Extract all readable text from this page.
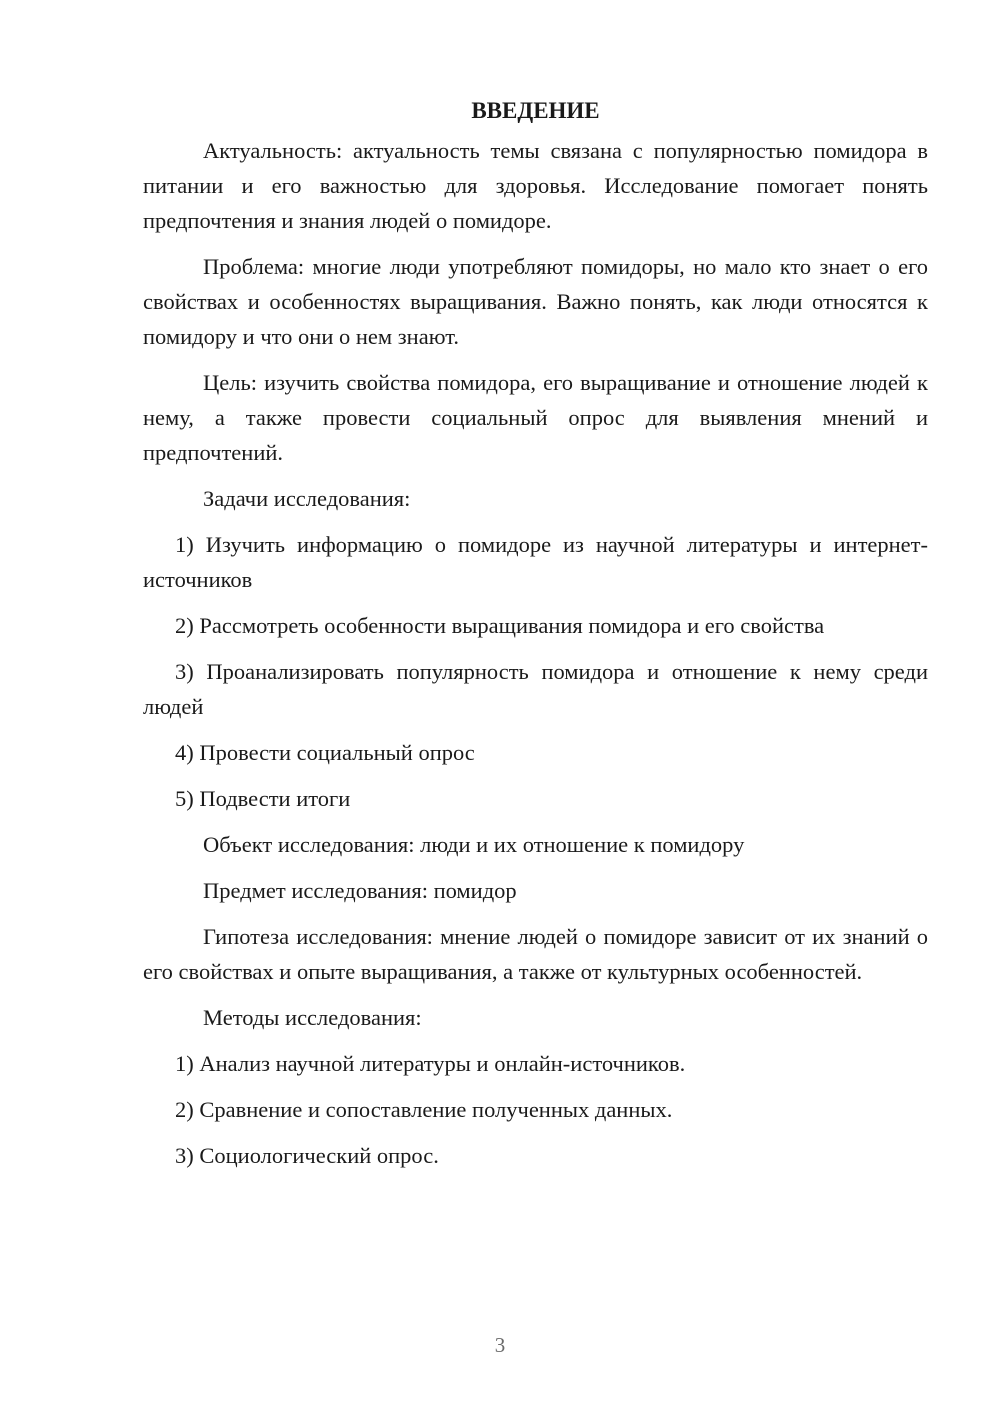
ВВЕДЕНИЕ

Актуальность: актуальность темы связана с популярностью помидора в питании и его важностью для здоровья. Исследование помогает понять предпочтения и знания людей о помидоре.

Проблема: многие люди употребляют помидоры, но мало кто знает о его свойствах и особенностях выращивания. Важно понять, как люди относятся к помидору и что они о нем знают.

Цель: изучить свойства помидора, его выращивание и отношение людей к нему, а также провести социальный опрос для выявления мнений и предпочтений.

Задачи исследования:

1) Изучить информацию о помидоре из научной литературы и интернет-источников

2) Рассмотреть особенности выращивания помидора и его свойства

3) Проанализировать популярность помидора и отношение к нему среди людей

4) Провести социальный опрос

5) Подвести итоги

Объект исследования: люди и их отношение к помидору

Предмет исследования: помидор

Гипотеза исследования: мнение людей о помидоре зависит от их знаний о его свойствах и опыте выращивания, а также от культурных особенностей.

Методы исследования:

1) Анализ научной литературы и онлайн-источников.

2) Сравнение и сопоставление полученных данных.

3) Социологический опрос.

3
